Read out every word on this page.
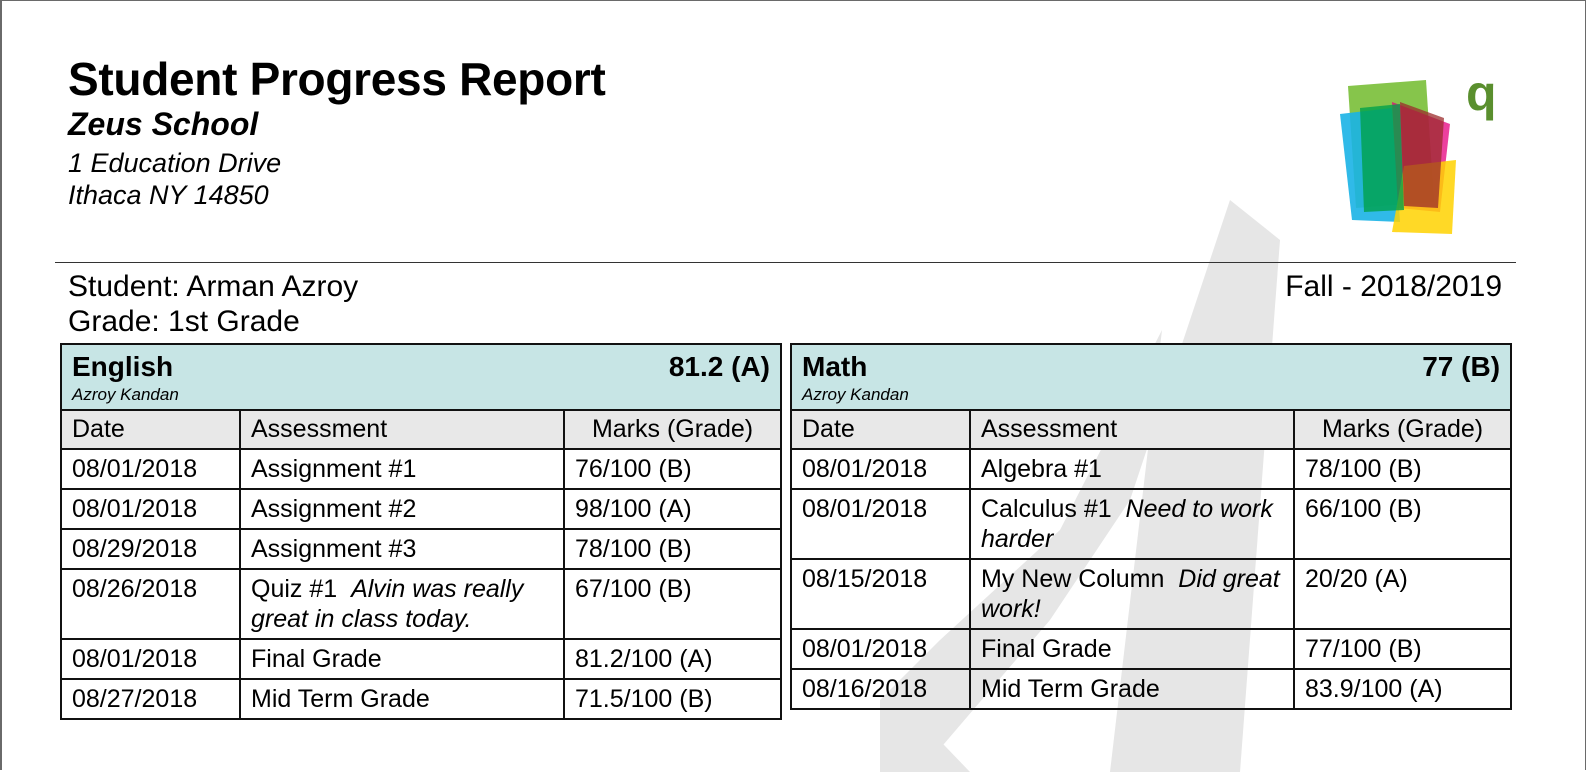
Student Progress Report
Zeus School
1 Education Drive
Ithaca NY 14850
q
Student: Arman Azroy
Grade: 1st Grade
Fall - 2018/2019
English
Azroy Kandan
81.2 (A)		

Date	Assessment	Marks (Grade)
08/01/2018	Assignment #1	76/100 (B)
08/01/2018	Assignment #2	98/100 (A)
08/29/2018	Assignment #3	78/100 (B)
08/26/2018	Quiz #1 Alvin was really great in class today.	67/100 (B)
08/01/2018	Final Grade	81.2/100 (A)
08/27/2018	Mid Term Grade	71.5/100 (B)
Math
Azroy Kandan
77 (B)		

Date	Assessment	Marks (Grade)
08/01/2018	Algebra #1	78/100 (B)
08/01/2018	Calculus #1 Need to work harder	66/100 (B)
08/15/2018	My New Column Did great work!	20/20 (A)
08/01/2018	Final Grade	77/100 (B)
08/16/2018	Mid Term Grade	83.9/100 (A)
